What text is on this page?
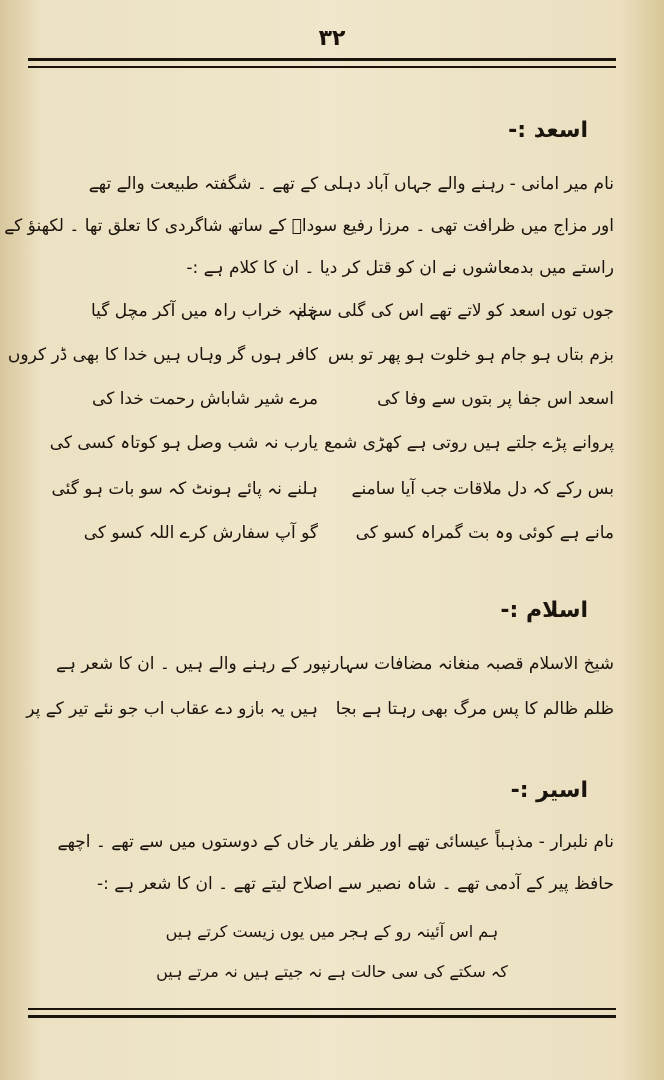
۳۲
اسعد :-
نام میر امانی - رہنے والے جہاں آباد دہلی کے تھے ۔ شگفتہ طبیعت والے تھے
اور مزاج میں ظرافت تھی ۔ مرزا رفیع سوداؔ کے ساتھ شاگردی کا تعلق تھا ۔ لکھنؤ کے
راستے میں بدمعاشوں نے ان کو قتل کر دیا ۔ ان کا کلام ہے :-
جوں توں اسعد کو لاتے تھے اس کی گلی سہم
خانہ خراب راہ میں آکر مچل گیا
بزم بتاں ہو جام ہو خلوت ہو پھر تو بس
کافر ہوں گر وہاں ہیں خدا کا بھی ڈر کروں
اسعد اس جفا پر بتوں سے وفا کی
مرے شیر شاباش رحمت خدا کی
پروانے پڑے جلتے ہیں روتی ہے کھڑی شمع
یارب نہ شب وصل ہو کوتاہ کسی کی
بس رکے کہ دل ملاقات جب آیا سامنے
ہلنے نہ پائے ہونٹ کہ سو بات ہو گئی
مانے ہے کوئی وہ بت گمراہ کسو کی
گو آپ سفارش کرے اللہ کسو کی
اسلام :-
شیخ الاسلام قصبہ منغانہ مضافات سہارنپور کے رہنے والے ہیں ۔ ان کا شعر ہے
ظلم ظالم کا پس مرگ بھی رہتا ہے بجا
ہیں یہ بازو دے عقاب اب جو نئے تیر کے پر
اسیر :-
نام نلبرار - مذہباً عیسائی تھے اور ظفر یار خاں کے دوستوں میں سے تھے ۔ اچھے
حافظ پیر کے آدمی تھے ۔ شاہ نصیر سے اصلاح لیتے تھے ۔ ان کا شعر ہے :-
ہم اس آئینہ رو کے ہجر میں یوں زیست کرتے ہیں
کہ سکتے کی سی حالت ہے نہ جیتے ہیں نہ مرتے ہیں
